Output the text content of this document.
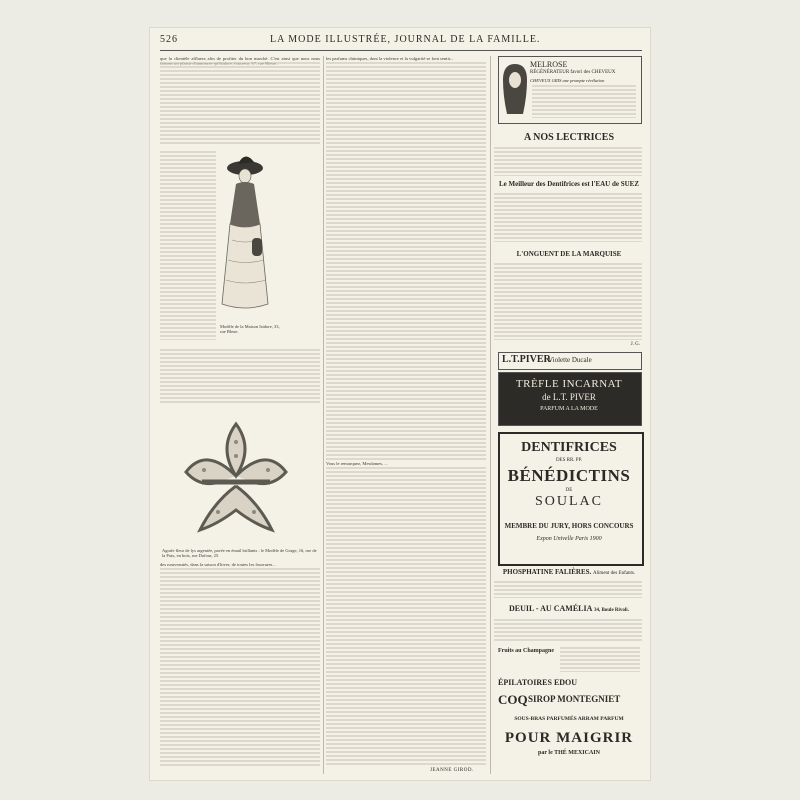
526	LA MODE ILLUSTRÉE, JOURNAL DE LA FAMILLE.
que la clientèle affluera afin de profiter du bon marché. C'est ainsi que nous nous
Modèle de la Maison Isidore, 33, rue Bleue.
Agrafe fleur de lys argentée, pavée en émail brillants : le Modèle de Gorge, 16, rue de la Paix, en bois, rue Dufour, 25.
des nouveautés, dans la saison d'hiver, de toutes les fourrures...
les parfums chimiques, dont la violence et la vulgarité se font sentir...
Vous le remarquez, Mesdames, ...
JEANNE GIROD.
MELROSE
RÉGÉNÉRATEUR favori des CHEVEUX
CHEVEUX GRIS une prompte révélation
A NOS LECTRICES
Le Meilleur des Dentifrices est l'EAU de SUEZ
L'ONGUENT DE LA MARQUISE
J. G.
L.T.PIVER
Violette Ducale
TRÈFLE INCARNAT
de L.T. PIVER
PARFUM A LA MODE
DENTIFRICES
DES RR. PP.
BÉNÉDICTINS
DE
SOULAC
MEMBRE DU JURY, HORS CONCOURS
Expon Univelle Paris 1900
PHOSPHATINE FALIÈRES. Aliment des Enfants.
DEUIL - AU CAMÉLIA 34, Boule Rivoli.
Fruits au Champagne
ÉPILATOIRES EDOU
COQ SIROP MONTEGNIET
SOUS-BRAS PARFUMÉS ARRAM PARFUM
POUR MAIGRIR
par le THÉ MEXICAIN
